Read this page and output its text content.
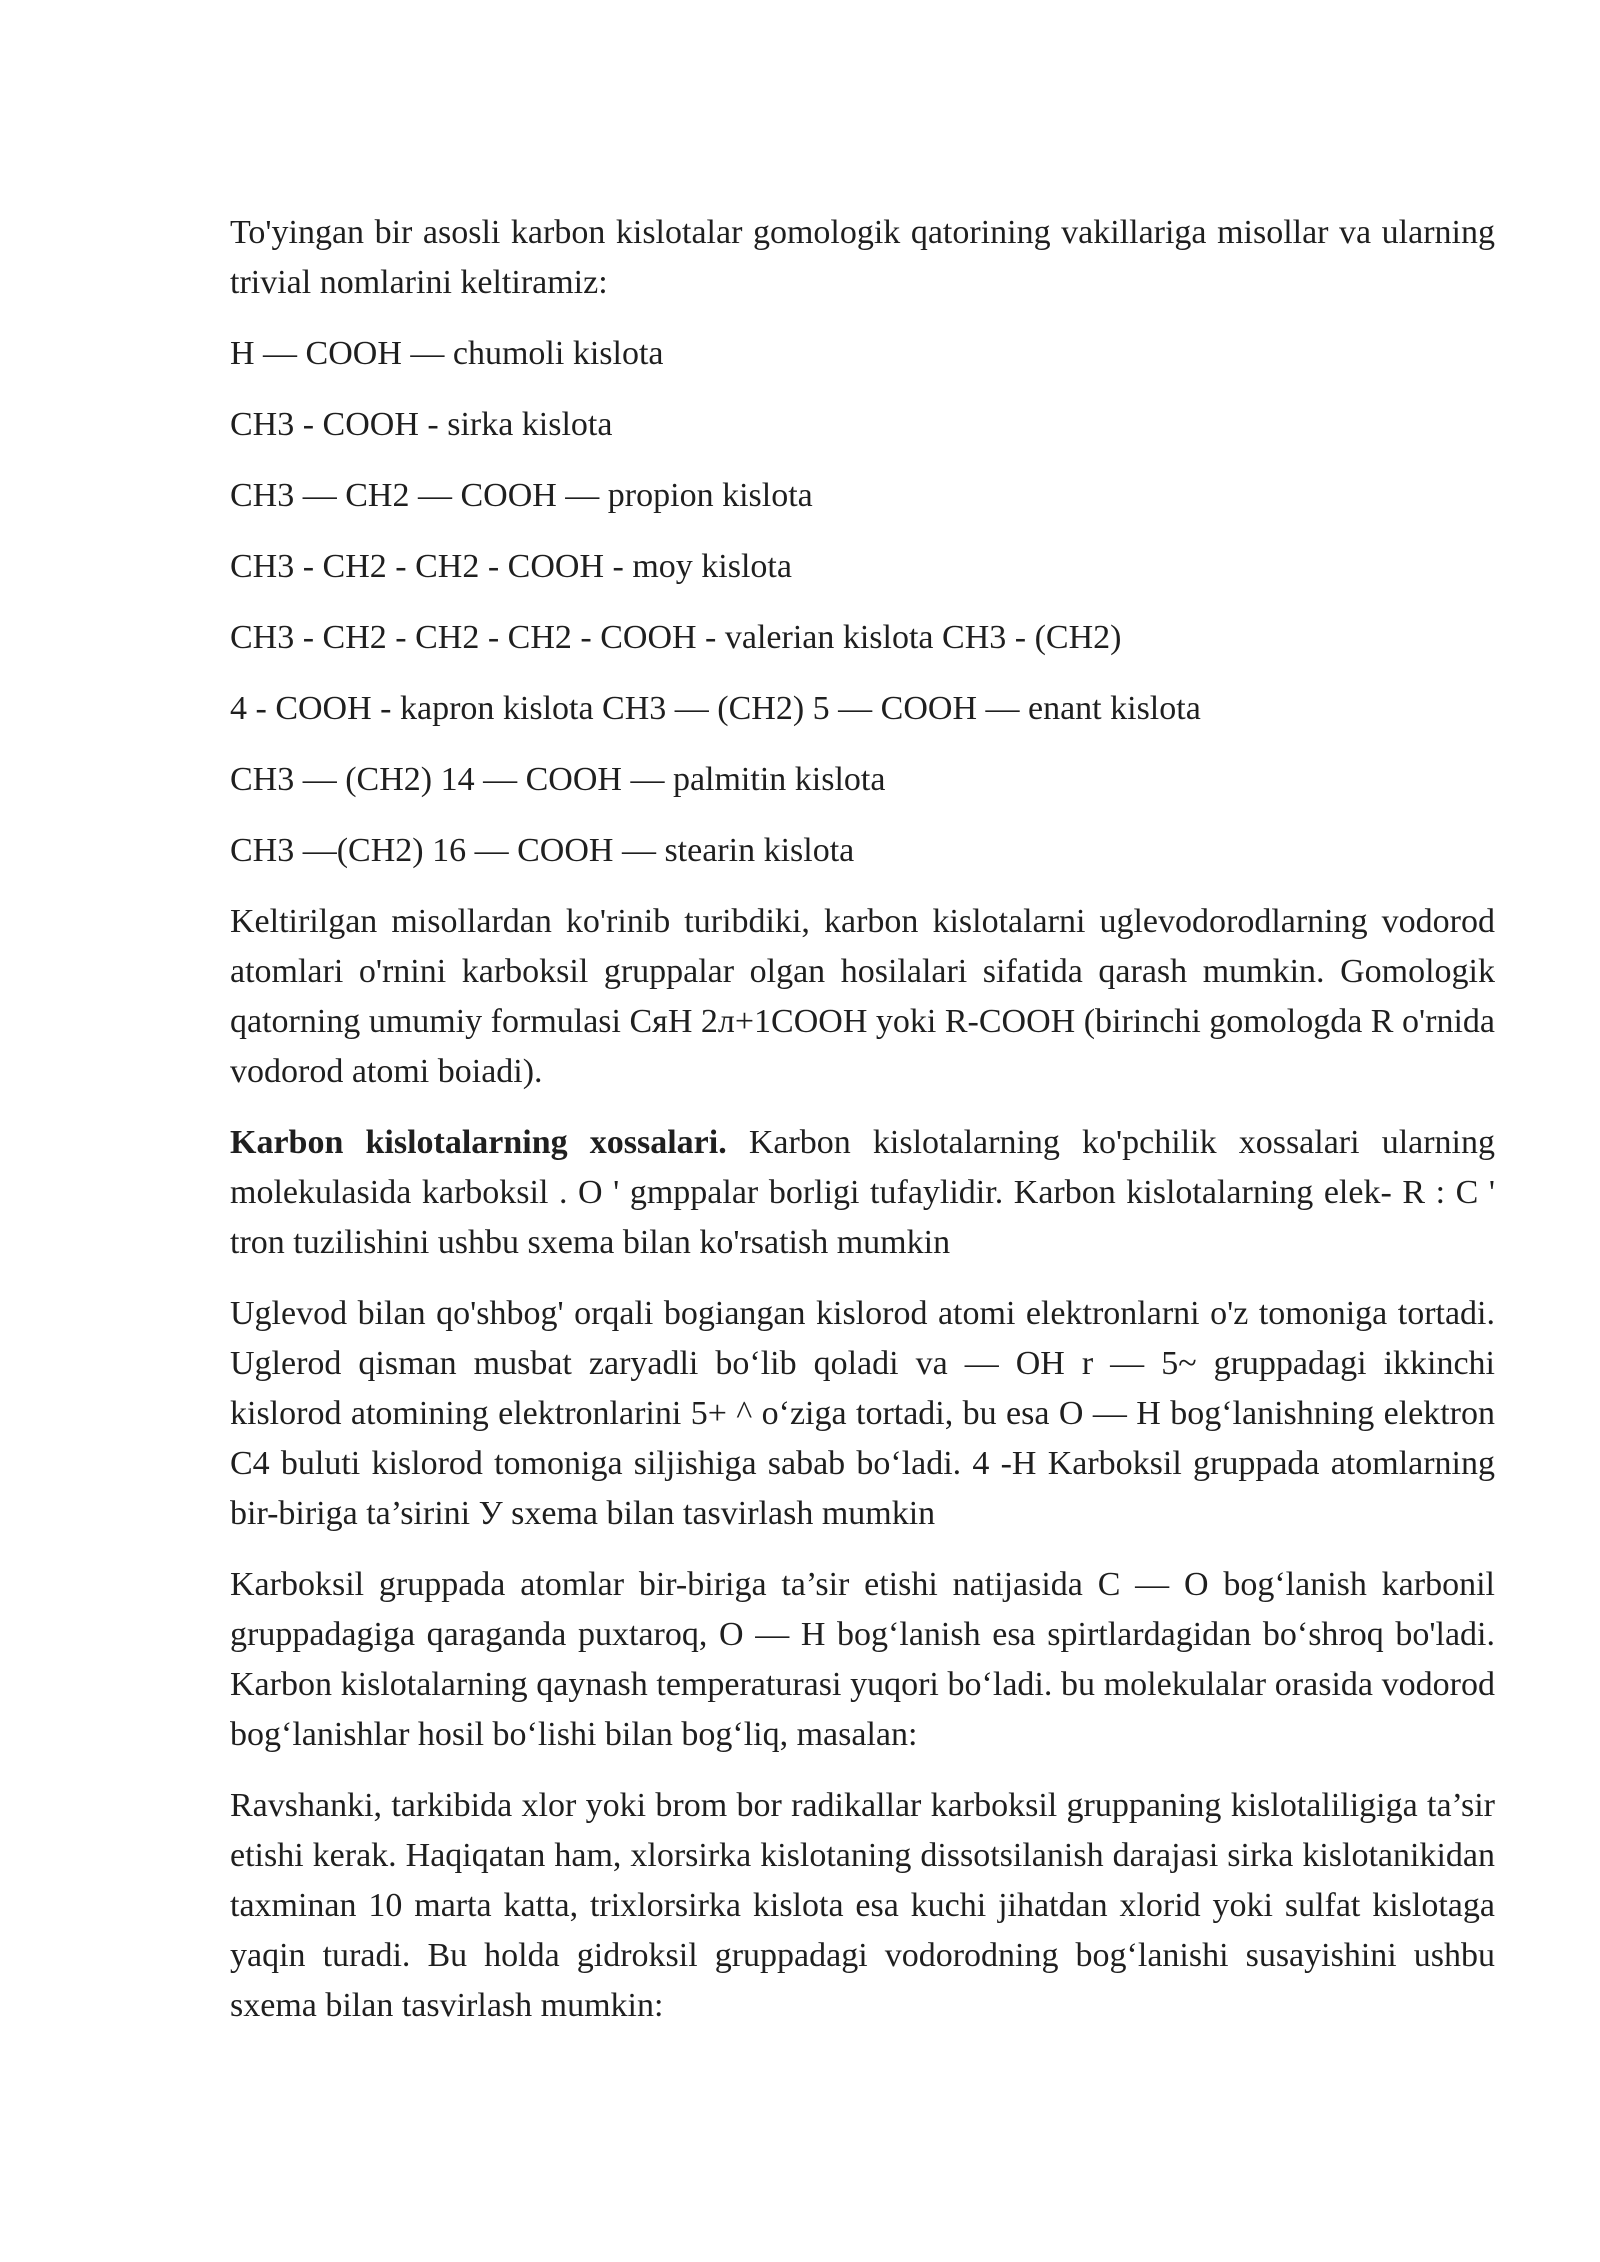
To'yingan bir asosli karbon kislotalar gomologik qatorining vakillariga misollar va ularning trivial nomlarini keltiramiz:

H — COOH — chumoli kislota
CH3 - COOH - sirka kislota
CH3 — CH2 — COOH — propion kislota
CH3 - CH2 - CH2 - COOH - moy kislota
CH3 - CH2 - CH2 - CH2 - COOH - valerian kislota CH3 - (CH2)
4 - COOH - kapron kislota CH3 — (CH2) 5 — COOH — enant kislota
CH3 — (CH2) 14 — COOH — palmitin kislota
CH3 —(CH2) 16 — COOH — stearin kislota

Keltirilgan misollardan ko'rinib turibdiki, karbon kislotalarni uglevodorodlarning vodorod atomlari o'rnini karboksil gruppalar olgan hosilalari sifatida qarash mumkin. Gomologik qatorning umumiy formulasi СяН 2л+1COOH yoki R-COOH (birinchi gomologda R o'rnida vodorod atomi boiadi).

Karbon kislotalarning xossalari. Karbon kislotalarning ko'pchilik xossalari ularning molekulasida karboksil . O ' gmppalar borligi tufaylidir. Karbon kislotalarning elek- R : C ' tron tuzilishini ushbu sxema bilan ko'rsatish mumkin

Uglevod bilan qo'shbog' orqali bogiangan kislorod atomi elektronlarni o'z tomoniga tortadi. Uglerod qisman musbat zaryadli bo‘lib qoladi va — OH r — 5~ gruppadagi ikkinchi kislorod atomining elektronlarini 5+ ^ o‘ziga tortadi, bu esa O — H bog‘lanishning elektron C4 buluti kislorod tomoniga siljishiga sabab bo‘ladi. 4 -H Karboksil gruppada atomlarning bir-biriga ta’sirini У sxema bilan tasvirlash mumkin

Karboksil gruppada atomlar bir-biriga ta’sir etishi natijasida C — O bog‘lanish karbonil gruppadagiga qaraganda puxtaroq, O — H bog‘lanish esa spirtlardagidan bo‘shroq bo'ladi. Karbon kislotalarning qaynash temperaturasi yuqori bo‘ladi. bu molekulalar orasida vodorod bog‘lanishlar hosil bo‘lishi bilan bog‘liq, masalan:

Ravshanki, tarkibida xlor yoki brom bor radikallar karboksil gruppaning kislotaliligiga ta’sir etishi kerak. Haqiqatan ham, xlorsirka kislotaning dissotsilanish darajasi sirka kislotanikidan taxminan 10 marta katta, trixlorsirka kislota esa kuchi jihatdan xlorid yoki sulfat kislotaga yaqin turadi. Bu holda gidroksil gruppadagi vodorodning bog‘lanishi susayishini ushbu sxema bilan tasvirlash mumkin:
